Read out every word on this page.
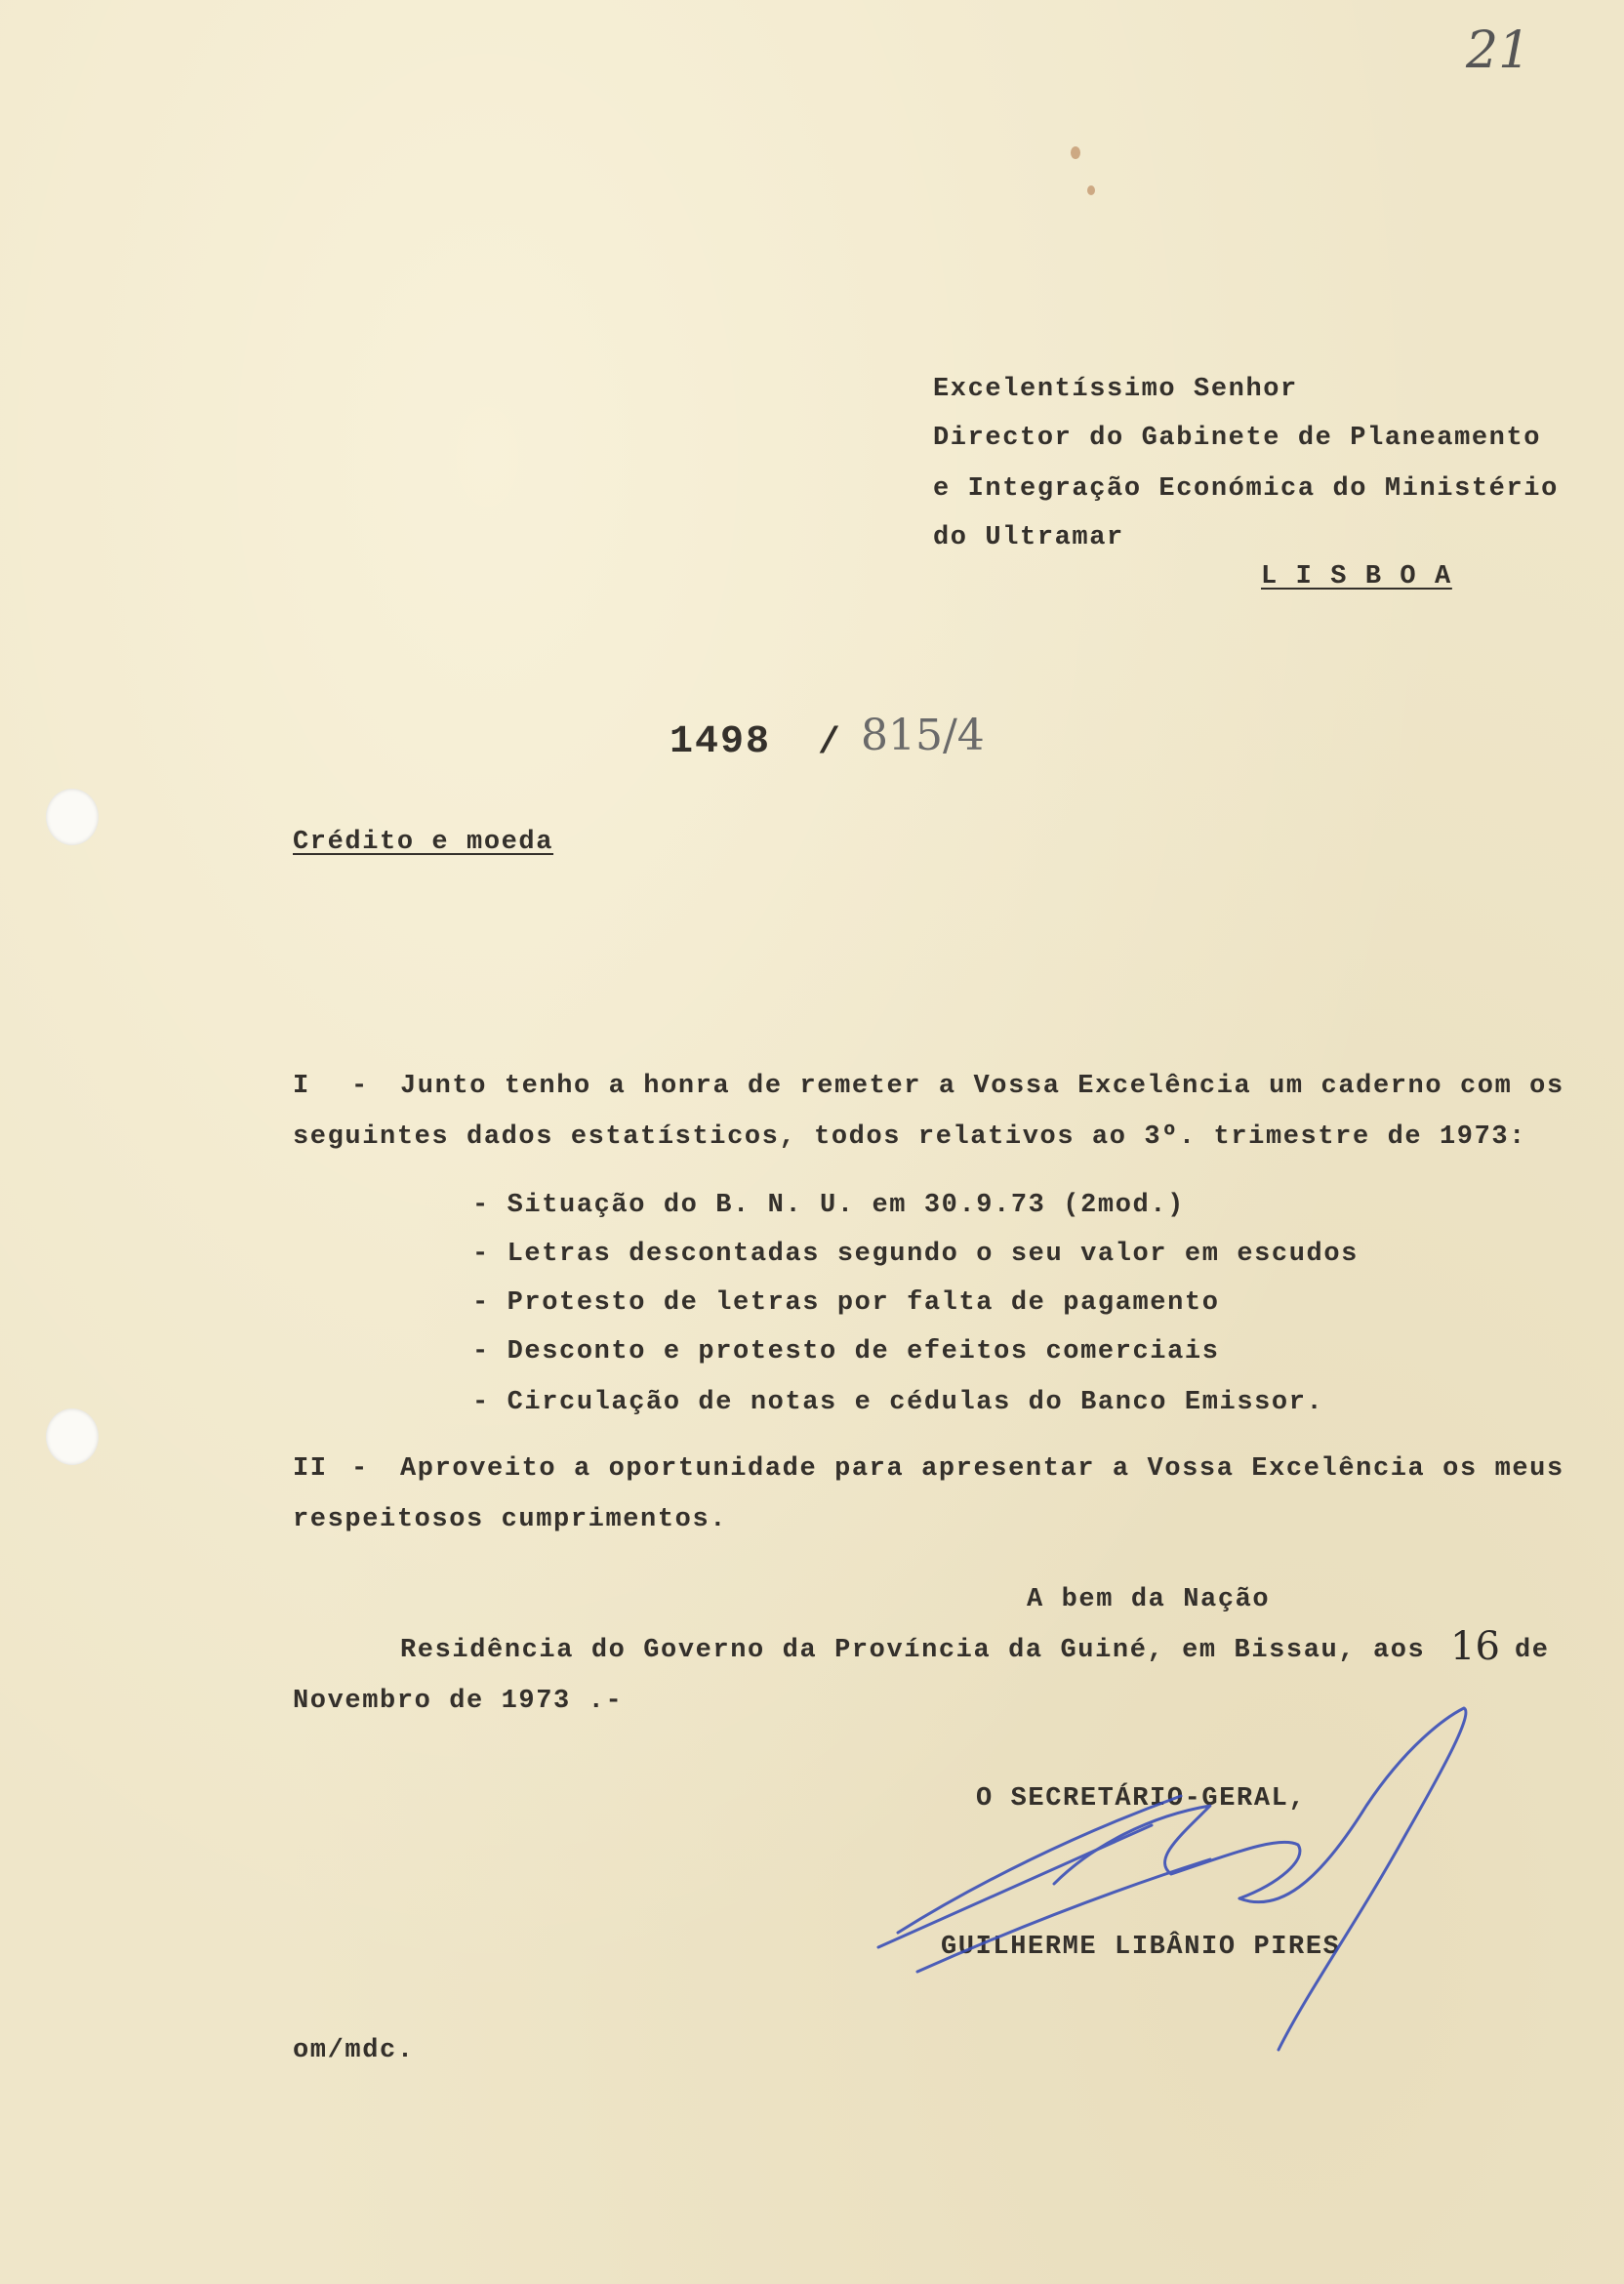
21
Excelentíssimo Senhor
Director do Gabinete de Planeamento
e Integração Económica do Ministério
do Ultramar
L I S B O A
1498 / 815/4
Crédito e moeda
I - Junto tenho a honra de remeter a Vossa Excelência um caderno com os
seguintes dados estatísticos, todos relativos ao 3º. trimestre de 1973:
- Situação do B. N. U. em 30.9.73 (2mod.)
- Letras descontadas segundo o seu valor em escudos
- Protesto de letras por falta de pagamento
- Desconto e protesto de efeitos comerciais
- Circulação de notas e cédulas do Banco Emissor.
II - Aproveito a oportunidade para apresentar a Vossa Excelência os meus
respeitosos cumprimentos.
A bem da Nação
Residência do Governo da Província da Guiné, em Bissau, aos 16 de
Novembro de 1973 .-
O SECRETÁRIO-GERAL,
GUILHERME LIBÂNIO PIRES
om/mdc.
